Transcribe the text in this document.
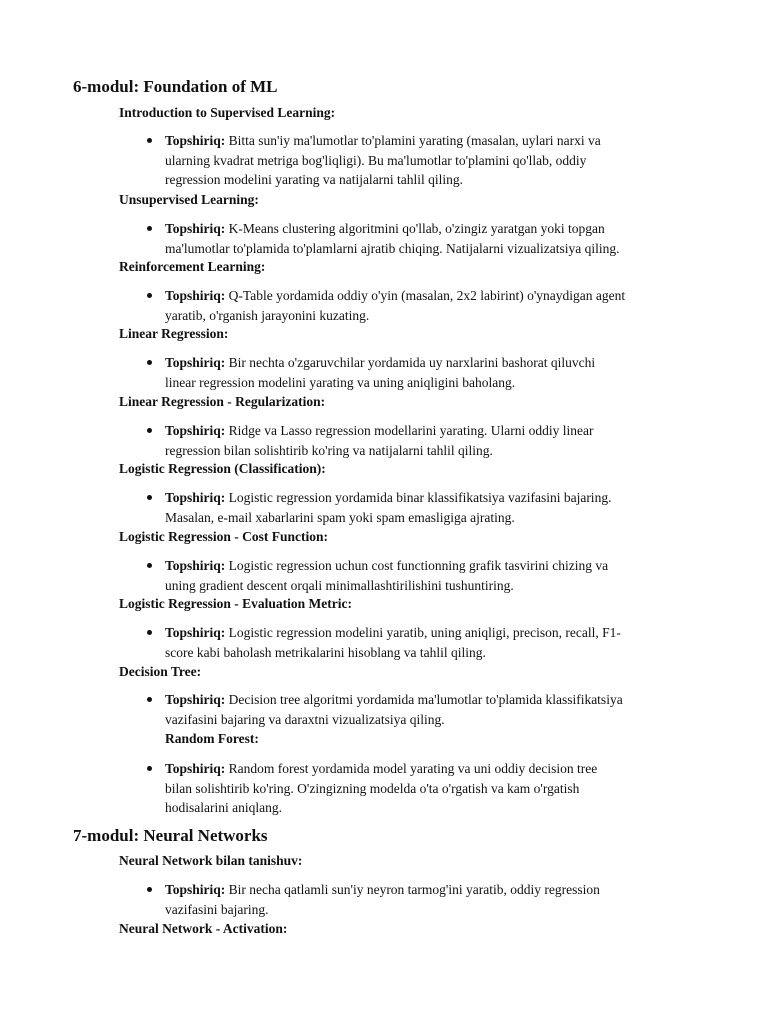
6-modul: Foundation of ML
Introduction to Supervised Learning:
Topshiriq: Bitta sun'iy ma'lumotlar to'plamini yarating (masalan, uylari narxi va
ularning kvadrat metriga bog'liqligi). Bu ma'lumotlar to'plamini qo'llab, oddiy
regression modelini yarating va natijalarni tahlil qiling.
Unsupervised Learning:
Topshiriq: K-Means clustering algoritmini qo'llab, o'zingiz yaratgan yoki topgan
ma'lumotlar to'plamida to'plamlarni ajratib chiqing. Natijalarni vizualizatsiya qiling.
Reinforcement Learning:
Topshiriq: Q-Table yordamida oddiy o'yin (masalan, 2x2 labirint) o'ynaydigan agent
yaratib, o'rganish jarayonini kuzating.
Linear Regression:
Topshiriq: Bir nechta o'zgaruvchilar yordamida uy narxlarini bashorat qiluvchi
linear regression modelini yarating va uning aniqligini baholang.
Linear Regression - Regularization:
Topshiriq: Ridge va Lasso regression modellarini yarating. Ularni oddiy linear
regression bilan solishtirib ko'ring va natijalarni tahlil qiling.
Logistic Regression (Classification):
Topshiriq: Logistic regression yordamida binar klassifikatsiya vazifasini bajaring.
Masalan, e-mail xabarlarini spam yoki spam emasligiga ajrating.
Logistic Regression - Cost Function:
Topshiriq: Logistic regression uchun cost functionning grafik tasvirini chizing va
uning gradient descent orqali minimallashtirilishini tushuntiring.
Logistic Regression - Evaluation Metric:
Topshiriq: Logistic regression modelini yaratib, uning aniqligi, precison, recall, F1-
score kabi baholash metrikalarini hisoblang va tahlil qiling.
Decision Tree:
Topshiriq: Decision tree algoritmi yordamida ma'lumotlar to'plamida klassifikatsiya
vazifasini bajaring va daraxtni vizualizatsiya qiling.
Random Forest:
Topshiriq: Random forest yordamida model yarating va uni oddiy decision tree
bilan solishtirib ko'ring. O'zingizning modelda o'ta o'rgatish va kam o'rgatish
hodisalarini aniqlang.
7-modul: Neural Networks
Neural Network bilan tanishuv:
Topshiriq: Bir necha qatlamli sun'iy neyron tarmog'ini yaratib, oddiy regression
vazifasini bajaring.
Neural Network - Activation:
